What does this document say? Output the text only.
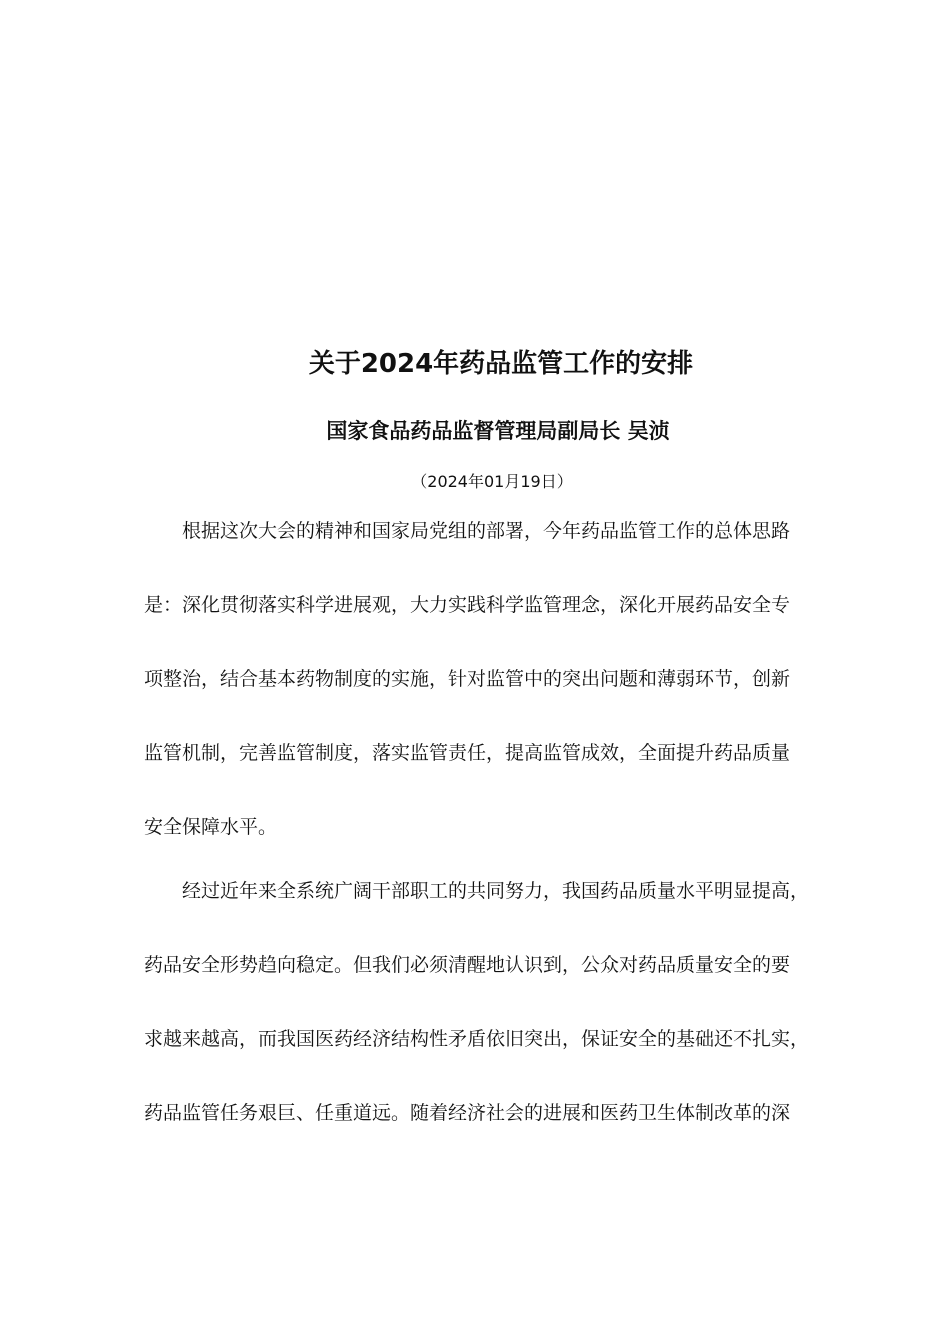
关于2024年药品监管工作的安排
国家食品药品监督管理局副局长 吴浈
（2024年01月19日）
根据这次大会的精神和国家局党组的部署，今年药品监管工作的总体思路
是：深化贯彻落实科学进展观，大力实践科学监管理念，深化开展药品安全专
项整治，结合基本药物制度的实施，针对监管中的突出问题和薄弱环节，创新
监管机制，完善监管制度，落实监管责任，提高监管成效，全面提升药品质量
安全保障水平。
经过近年来全系统广阔干部职工的共同努力，我国药品质量水平明显提高，
药品安全形势趋向稳定。但我们必须清醒地认识到，公众对药品质量安全的要
求越来越高，而我国医药经济结构性矛盾依旧突出，保证安全的基础还不扎实，
药品监管任务艰巨、任重道远。随着经济社会的进展和医药卫生体制改革的深
